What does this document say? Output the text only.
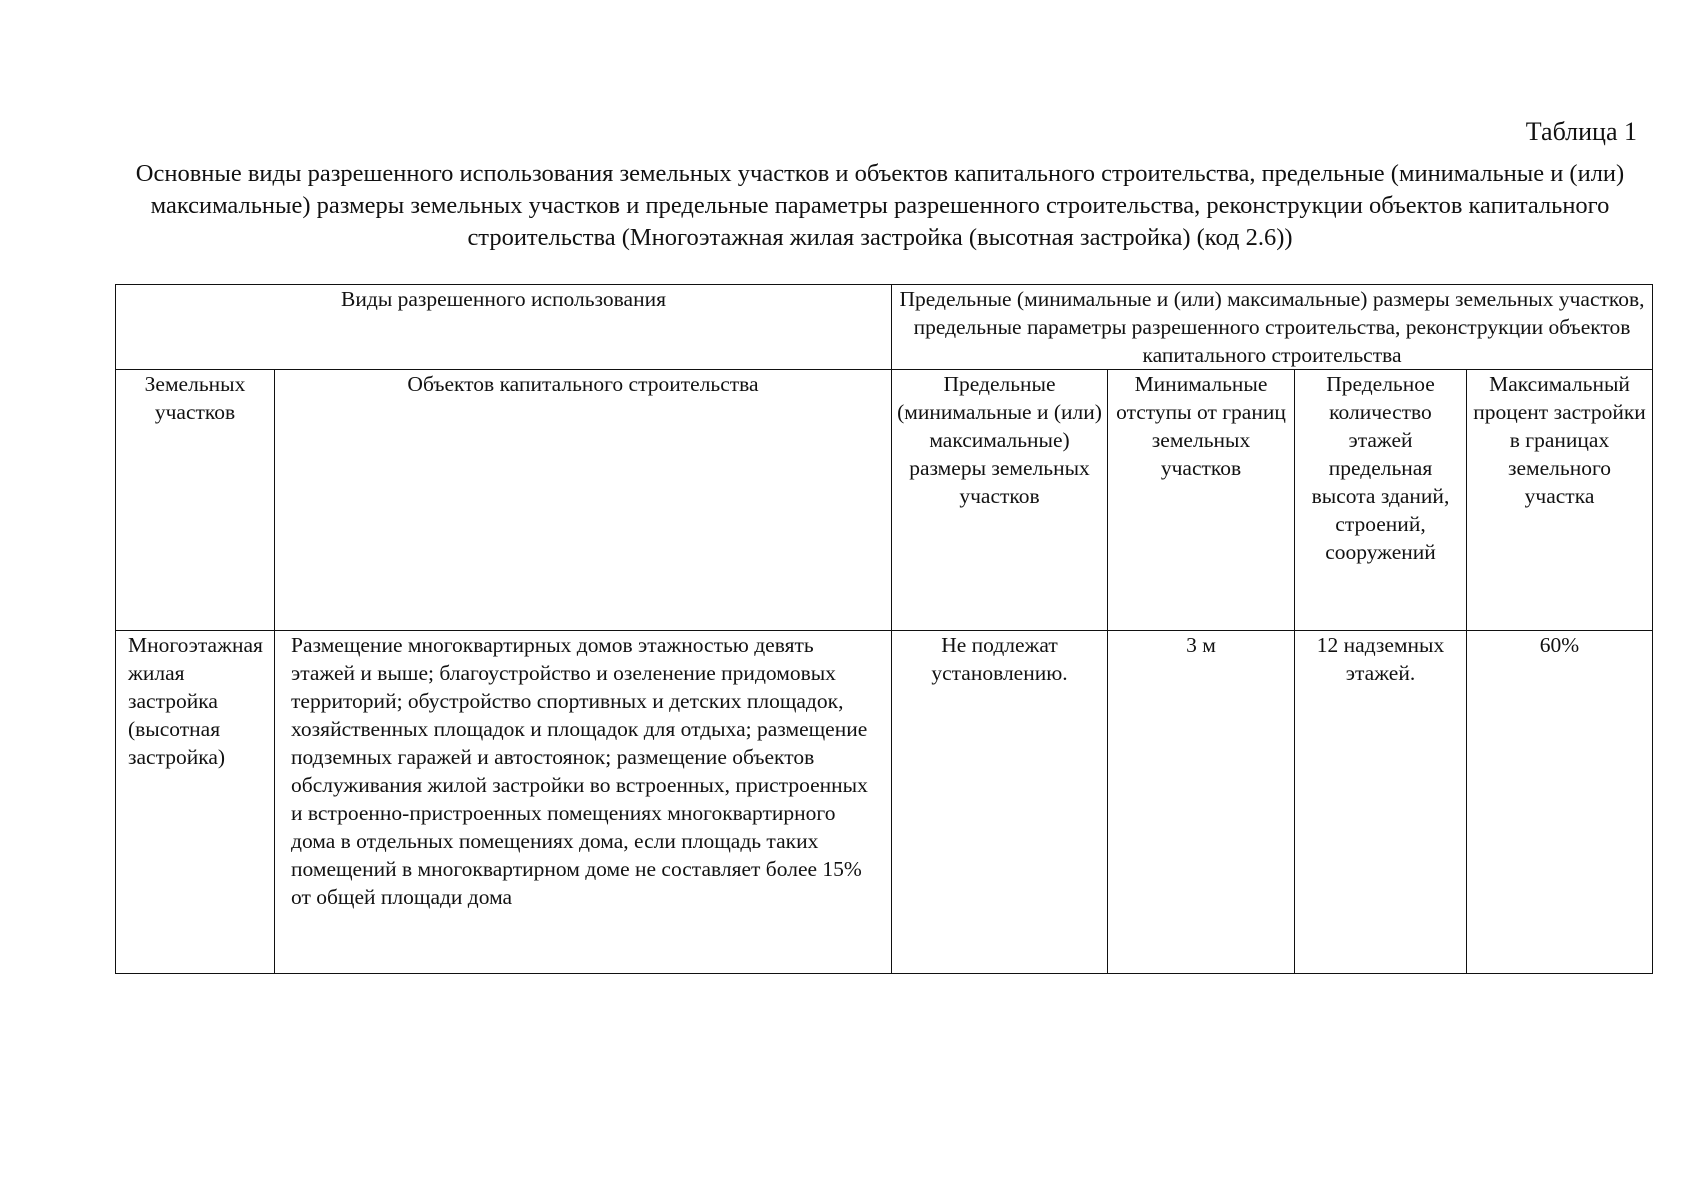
Таблица 1
Основные виды разрешенного использования земельных участков и объектов капитального строительства, предельные (минимальные и (или) максимальные) размеры земельных участков и предельные параметры разрешенного строительства, реконструкции объектов капитального строительства (Многоэтажная жилая застройка (высотная застройка) (код 2.6))
Виды разрешенного использования		Предельные (минимальные и (или) максимальные) размеры земельных участков, предельные параметры разрешенного строительства, реконструкции объектов капитального строительства			
Земельных участков	Объектов капитального строительства	Предельные (минимальные и (или) максимальные) размеры земельных участков	Минимальные отступы от границ земельных участков	Предельное количество этажей предельная высота зданий, строений, сооружений	Максимальный процент застройки в границах земельного участка
Многоэтажная жилая застройка (высотная застройка)	Размещение многоквартирных домов этажностью девять этажей и выше; благоустройство и озеленение придомовых территорий; обустройство спортивных и детских площадок, хозяйственных площадок и площадок для отдыха; размещение подземных гаражей и автостоянок; размещение объектов обслуживания жилой застройки во встроенных, пристроенных и встроенно-пристроенных помещениях многоквартирного дома в отдельных помещениях дома, если площадь таких помещений в многоквартирном доме не составляет более 15% от общей площади дома	Не подлежат установлению.	3 м	12 надземных этажей.	60%
